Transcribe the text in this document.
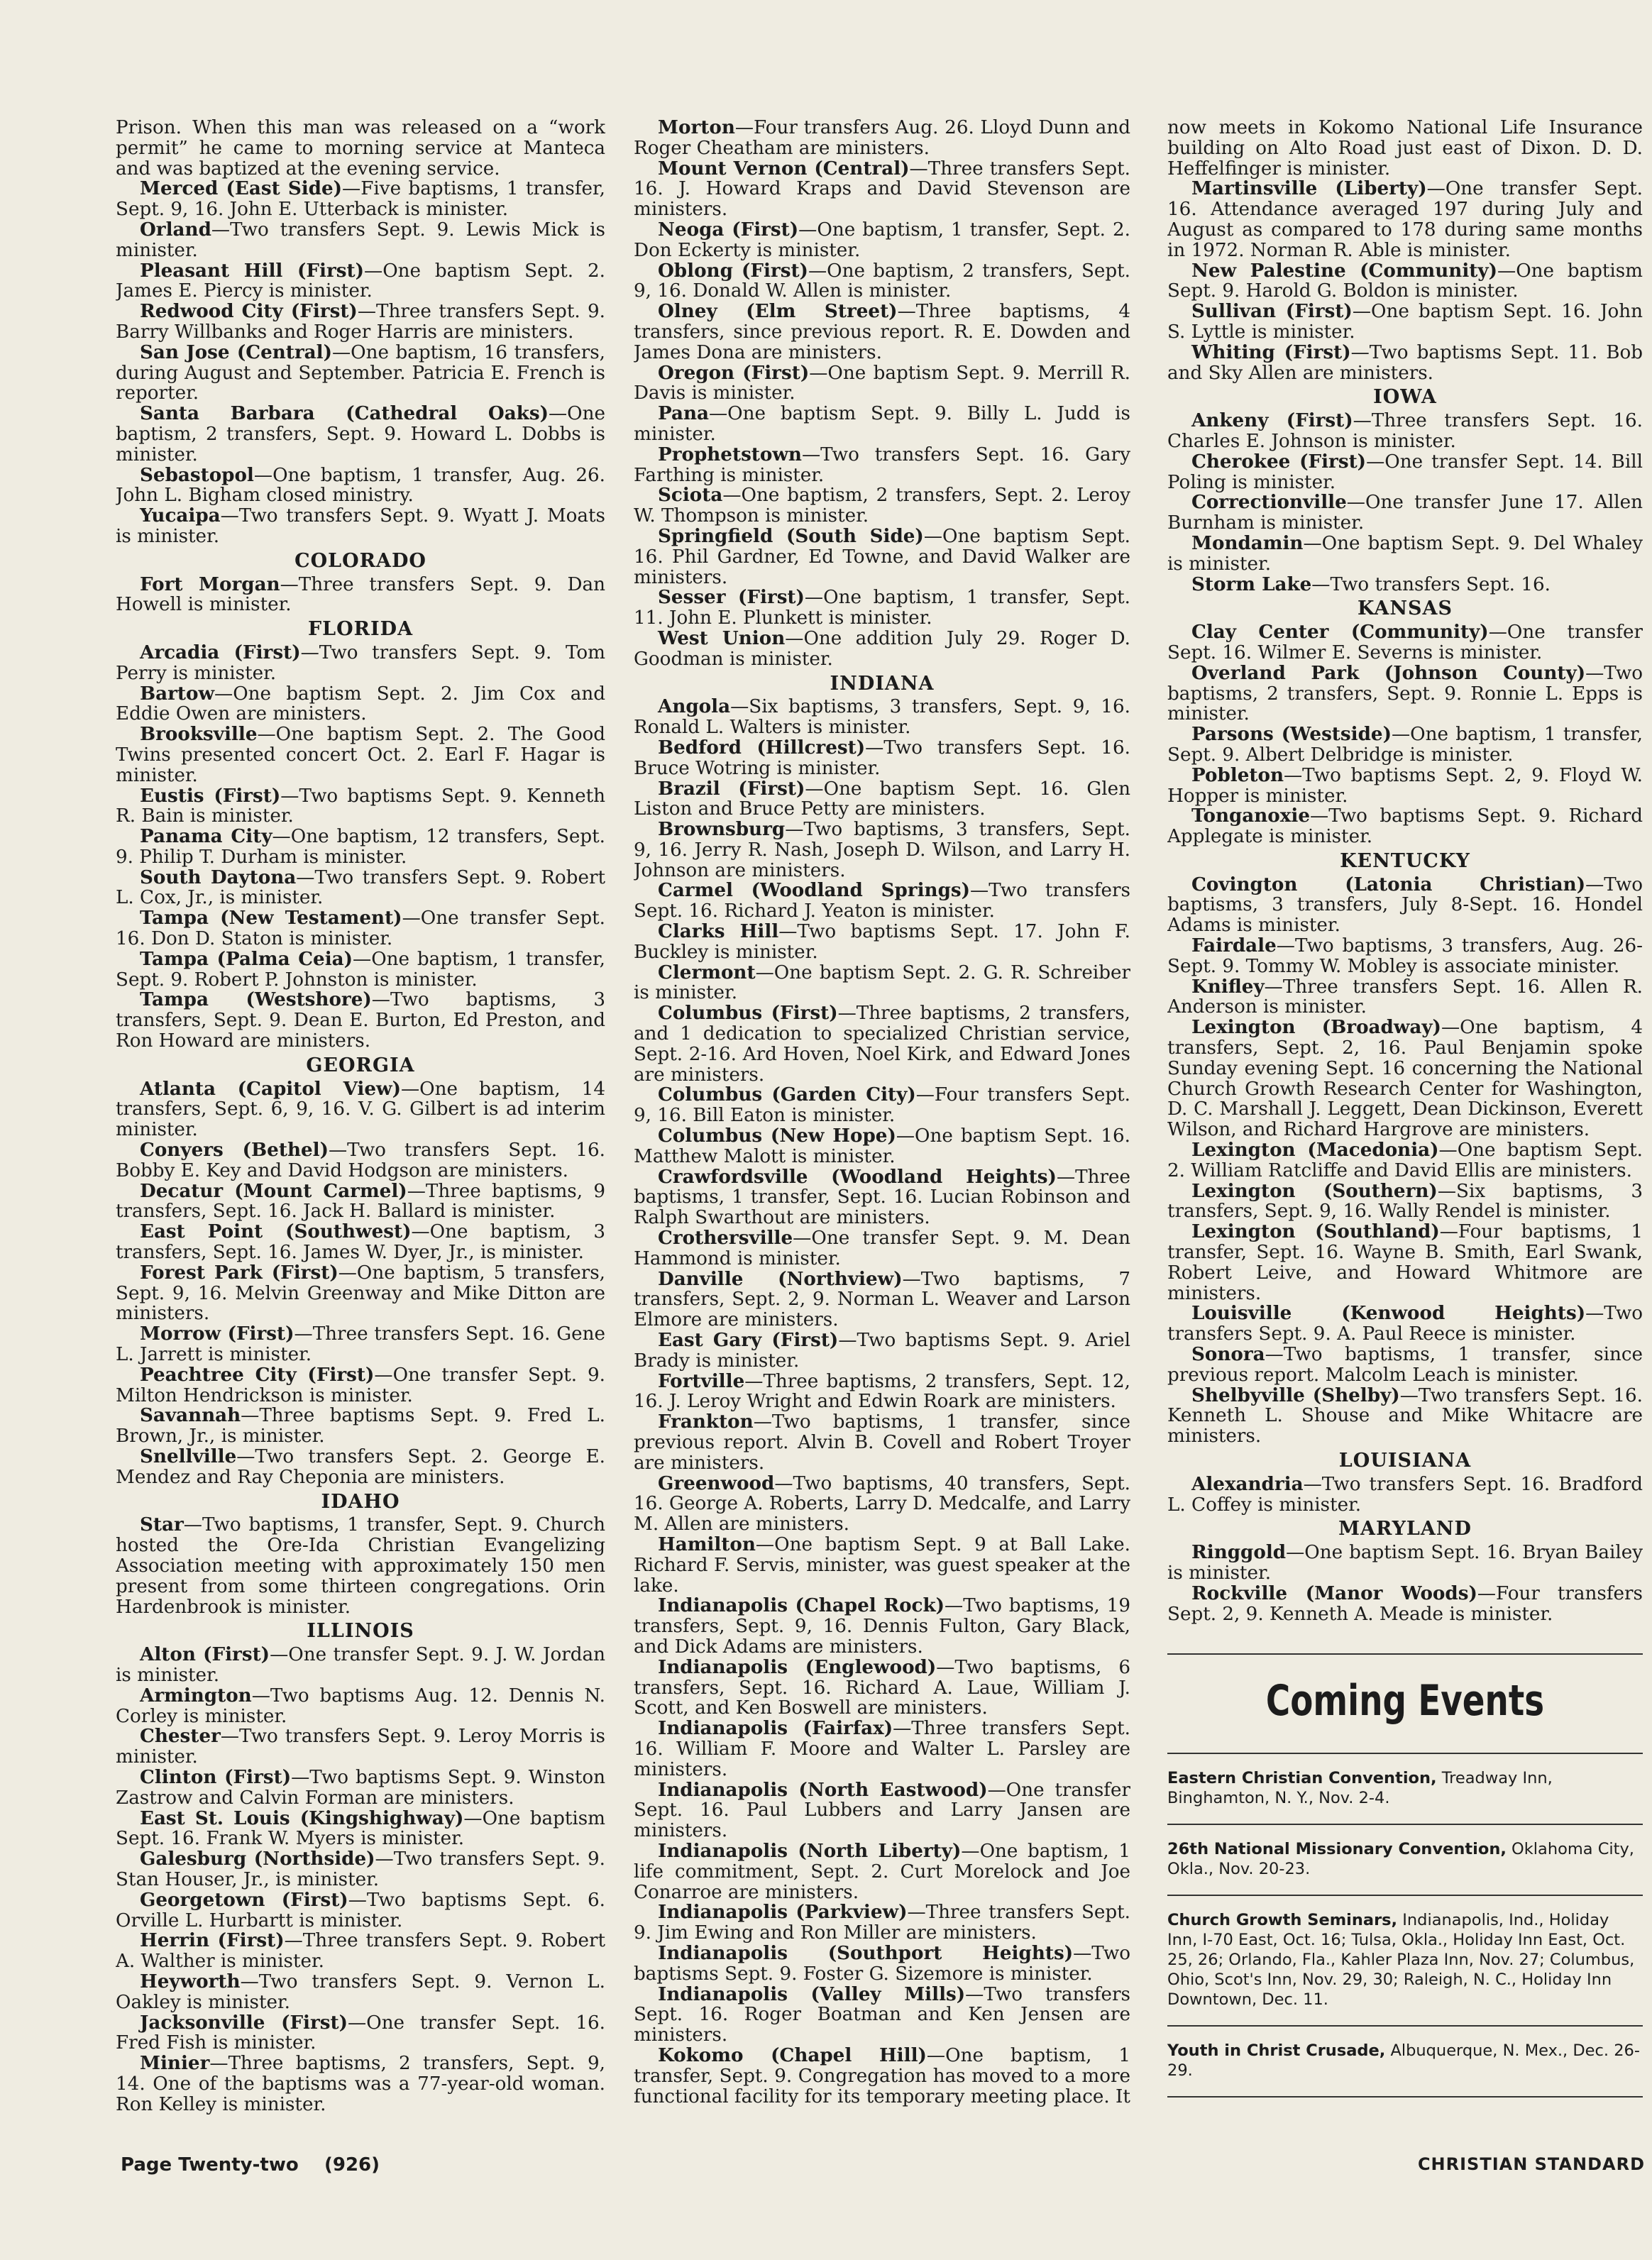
Prison. When this man was released on a “work permit” he came to morning service at Manteca and was baptized at the evening service.

Merced (East Side)—Five baptisms, 1 transfer, Sept. 9, 16. John E. Utterback is minister.

Orland—Two transfers Sept. 9. Lewis Mick is minister.

Pleasant Hill (First)—One baptism Sept. 2. James E. Piercy is minister.

Redwood City (First)—Three transfers Sept. 9. Barry Willbanks and Roger Harris are ministers.

San Jose (Central)—One baptism, 16 transfers, during August and September. Patricia E. French is reporter.

Santa Barbara (Cathedral Oaks)—One baptism, 2 transfers, Sept. 9. Howard L. Dobbs is minister.

Sebastopol—One baptism, 1 transfer, Aug. 26. John L. Bigham closed ministry.

Yucaipa—Two transfers Sept. 9. Wyatt J. Moats is minister.

COLORADO

Fort Morgan—Three transfers Sept. 9. Dan Howell is minister.

FLORIDA

Arcadia (First)—Two transfers Sept. 9. Tom Perry is minister.

Bartow—One baptism Sept. 2. Jim Cox and Eddie Owen are ministers.

Brooksville—One baptism Sept. 2. The Good Twins presented concert Oct. 2. Earl F. Hagar is minister.

Eustis (First)—Two baptisms Sept. 9. Kenneth R. Bain is minister.

Panama City—One baptism, 12 transfers, Sept. 9. Philip T. Durham is minister.

South Daytona—Two transfers Sept. 9. Robert L. Cox, Jr., is minister.

Tampa (New Testament)—One transfer Sept. 16. Don D. Staton is minister.

Tampa (Palma Ceia)—One baptism, 1 transfer, Sept. 9. Robert P. Johnston is minister.

Tampa (Westshore)—Two baptisms, 3 transfers, Sept. 9. Dean E. Burton, Ed Preston, and Ron Howard are ministers.

GEORGIA

Atlanta (Capitol View)—One baptism, 14 transfers, Sept. 6, 9, 16. V. G. Gilbert is ad interim minister.

Conyers (Bethel)—Two transfers Sept. 16. Bobby E. Key and David Hodgson are ministers.

Decatur (Mount Carmel)—Three baptisms, 9 transfers, Sept. 16. Jack H. Ballard is minister.

East Point (Southwest)—One baptism, 3 transfers, Sept. 16. James W. Dyer, Jr., is minister.

Forest Park (First)—One baptism, 5 transfers, Sept. 9, 16. Melvin Greenway and Mike Ditton are ministers.

Morrow (First)—Three transfers Sept. 16. Gene L. Jarrett is minister.

Peachtree City (First)—One transfer Sept. 9. Milton Hendrickson is minister.

Savannah—Three baptisms Sept. 9. Fred L. Brown, Jr., is minister.

Snellville—Two transfers Sept. 2. George E. Mendez and Ray Cheponia are ministers.

IDAHO

Star—Two baptisms, 1 transfer, Sept. 9. Church hosted the Ore-Ida Christian Evangelizing Association meeting with approximately 150 men present from some thirteen congregations. Orin Hardenbrook is minister.

ILLINOIS

Alton (First)—One transfer Sept. 9. J. W. Jordan is minister.

Armington—Two baptisms Aug. 12. Dennis N. Corley is minister.

Chester—Two transfers Sept. 9. Leroy Morris is minister.

Clinton (First)—Two baptisms Sept. 9. Winston Zastrow and Calvin Forman are ministers.

East St. Louis (Kingshighway)—One baptism Sept. 16. Frank W. Myers is minister.

Galesburg (Northside)—Two transfers Sept. 9. Stan Houser, Jr., is minister.

Georgetown (First)—Two baptisms Sept. 6. Orville L. Hurbartt is minister.

Herrin (First)—Three transfers Sept. 9. Robert A. Walther is minister.

Heyworth—Two transfers Sept. 9. Vernon L. Oakley is minister.

Jacksonville (First)—One transfer Sept. 16. Fred Fish is minister.

Minier—Three baptisms, 2 transfers, Sept. 9, 14. One of the baptisms was a 77-year-old woman. Ron Kelley is minister.

Morton—Four transfers Aug. 26. Lloyd Dunn and Roger Cheatham are ministers.

Mount Vernon (Central)—Three transfers Sept. 16. J. Howard Kraps and David Stevenson are ministers.

Neoga (First)—One baptism, 1 transfer, Sept. 2. Don Eckerty is minister.

Oblong (First)—One baptism, 2 transfers, Sept. 9, 16. Donald W. Allen is minister.

Olney (Elm Street)—Three baptisms, 4 transfers, since previous report. R. E. Dowden and James Dona are ministers.

Oregon (First)—One baptism Sept. 9. Merrill R. Davis is minister.

Pana—One baptism Sept. 9. Billy L. Judd is minister.

Prophetstown—Two transfers Sept. 16. Gary Farthing is minister.

Sciota—One baptism, 2 transfers, Sept. 2. Leroy W. Thompson is minister.

Springfield (South Side)—One baptism Sept. 16. Phil Gardner, Ed Towne, and David Walker are ministers.

Sesser (First)—One baptism, 1 transfer, Sept. 11. John E. Plunkett is minister.

West Union—One addition July 29. Roger D. Goodman is minister.

INDIANA

Angola—Six baptisms, 3 transfers, Sept. 9, 16. Ronald L. Walters is minister.

Bedford (Hillcrest)—Two transfers Sept. 16. Bruce Wotring is minister.

Brazil (First)—One baptism Sept. 16. Glen Liston and Bruce Petty are ministers.

Brownsburg—Two baptisms, 3 transfers, Sept. 9, 16. Jerry R. Nash, Joseph D. Wilson, and Larry H. Johnson are ministers.

Carmel (Woodland Springs)—Two transfers Sept. 16. Richard J. Yeaton is minister.

Clarks Hill—Two baptisms Sept. 17. John F. Buckley is minister.

Clermont—One baptism Sept. 2. G. R. Schreiber is minister.

Columbus (First)—Three baptisms, 2 transfers, and 1 dedication to specialized Christian service, Sept. 2-16. Ard Hoven, Noel Kirk, and Edward Jones are ministers.

Columbus (Garden City)—Four transfers Sept. 9, 16. Bill Eaton is minister.

Columbus (New Hope)—One baptism Sept. 16. Matthew Malott is minister.

Crawfordsville (Woodland Heights)—Three baptisms, 1 transfer, Sept. 16. Lucian Robinson and Ralph Swarthout are ministers.

Crothersville—One transfer Sept. 9. M. Dean Hammond is minister.

Danville (Northview)—Two baptisms, 7 transfers, Sept. 2, 9. Norman L. Weaver and Larson Elmore are ministers.

East Gary (First)—Two baptisms Sept. 9. Ariel Brady is minister.

Fortville—Three baptisms, 2 transfers, Sept. 12, 16. J. Leroy Wright and Edwin Roark are ministers.

Frankton—Two baptisms, 1 transfer, since previous report. Alvin B. Covell and Robert Troyer are ministers.

Greenwood—Two baptisms, 40 transfers, Sept. 16. George A. Roberts, Larry D. Medcalfe, and Larry M. Allen are ministers.

Hamilton—One baptism Sept. 9 at Ball Lake. Richard F. Servis, minister, was guest speaker at the lake.

Indianapolis (Chapel Rock)—Two baptisms, 19 transfers, Sept. 9, 16. Dennis Fulton, Gary Black, and Dick Adams are ministers.

Indianapolis (Englewood)—Two baptisms, 6 transfers, Sept. 16. Richard A. Laue, William J. Scott, and Ken Boswell are ministers.

Indianapolis (Fairfax)—Three transfers Sept. 16. William F. Moore and Walter L. Parsley are ministers.

Indianapolis (North Eastwood)—One transfer Sept. 16. Paul Lubbers and Larry Jansen are ministers.

Indianapolis (North Liberty)—One baptism, 1 life commitment, Sept. 2. Curt Morelock and Joe Conarroe are ministers.

Indianapolis (Parkview)—Three transfers Sept. 9. Jim Ewing and Ron Miller are ministers.

Indianapolis (Southport Heights)—Two baptisms Sept. 9. Foster G. Sizemore is minister.

Indianapolis (Valley Mills)—Two transfers Sept. 16. Roger Boatman and Ken Jensen are ministers.

Kokomo (Chapel Hill)—One baptism, 1 transfer, Sept. 9. Congregation has moved to a more functional facility for its temporary meeting place. It

now meets in Kokomo National Life Insurance building on Alto Road just east of Dixon. D. D. Heffelfinger is minister.

Martinsville (Liberty)—One transfer Sept. 16. Attendance averaged 197 during July and August as compared to 178 during same months in 1972. Norman R. Able is minister.

New Palestine (Community)—One baptism Sept. 9. Harold G. Boldon is minister.

Sullivan (First)—One baptism Sept. 16. John S. Lyttle is minister.

Whiting (First)—Two baptisms Sept. 11. Bob and Sky Allen are ministers.

IOWA

Ankeny (First)—Three transfers Sept. 16. Charles E. Johnson is minister.

Cherokee (First)—One transfer Sept. 14. Bill Poling is minister.

Correctionville—One transfer June 17. Allen Burnham is minister.

Mondamin—One baptism Sept. 9. Del Whaley is minister.

Storm Lake—Two transfers Sept. 16.

KANSAS

Clay Center (Community)—One transfer Sept. 16. Wilmer E. Severns is minister.

Overland Park (Johnson County)—Two baptisms, 2 transfers, Sept. 9. Ronnie L. Epps is minister.

Parsons (Westside)—One baptism, 1 transfer, Sept. 9. Albert Delbridge is minister.

Pobleton—Two baptisms Sept. 2, 9. Floyd W. Hopper is minister.

Tonganoxie—Two baptisms Sept. 9. Richard Applegate is minister.

KENTUCKY

Covington (Latonia Christian)—Two baptisms, 3 transfers, July 8-Sept. 16. Hondel Adams is minister.

Fairdale—Two baptisms, 3 transfers, Aug. 26-Sept. 9. Tommy W. Mobley is associate minister.

Knifley—Three transfers Sept. 16. Allen R. Anderson is minister.

Lexington (Broadway)—One baptism, 4 transfers, Sept. 2, 16. Paul Benjamin spoke Sunday evening Sept. 16 concerning the National Church Growth Research Center for Washington, D. C. Marshall J. Leggett, Dean Dickinson, Everett Wilson, and Richard Hargrove are ministers.

Lexington (Macedonia)—One baptism Sept. 2. William Ratcliffe and David Ellis are ministers.

Lexington (Southern)—Six baptisms, 3 transfers, Sept. 9, 16. Wally Rendel is minister.

Lexington (Southland)—Four baptisms, 1 transfer, Sept. 16. Wayne B. Smith, Earl Swank, Robert Leive, and Howard Whitmore are ministers.

Louisville (Kenwood Heights)—Two transfers Sept. 9. A. Paul Reece is minister.

Sonora—Two baptisms, 1 transfer, since previous report. Malcolm Leach is minister.

Shelbyville (Shelby)—Two transfers Sept. 16. Kenneth L. Shouse and Mike Whitacre are ministers.

LOUISIANA

Alexandria—Two transfers Sept. 16. Bradford L. Coffey is minister.

MARYLAND

Ringgold—One baptism Sept. 16. Bryan Bailey is minister.

Rockville (Manor Woods)—Four transfers Sept. 2, 9. Kenneth A. Meade is minister.

Coming Events
Eastern Christian Convention, Treadway Inn, Binghamton, N. Y., Nov. 2-4.
26th National Missionary Convention, Oklahoma City, Okla., Nov. 20-23.
Church Growth Seminars, Indianapolis, Ind., Holiday Inn, I-70 East, Oct. 16; Tulsa, Okla., Holiday Inn East, Oct. 25, 26; Orlando, Fla., Kahler Plaza Inn, Nov. 27; Columbus, Ohio, Scot's Inn, Nov. 29, 30; Raleigh, N. C., Holiday Inn Downtown, Dec. 11.
Youth in Christ Crusade, Albuquerque, N. Mex., Dec. 26-29.
Page Twenty-two (926)	CHRISTIAN STANDARD
